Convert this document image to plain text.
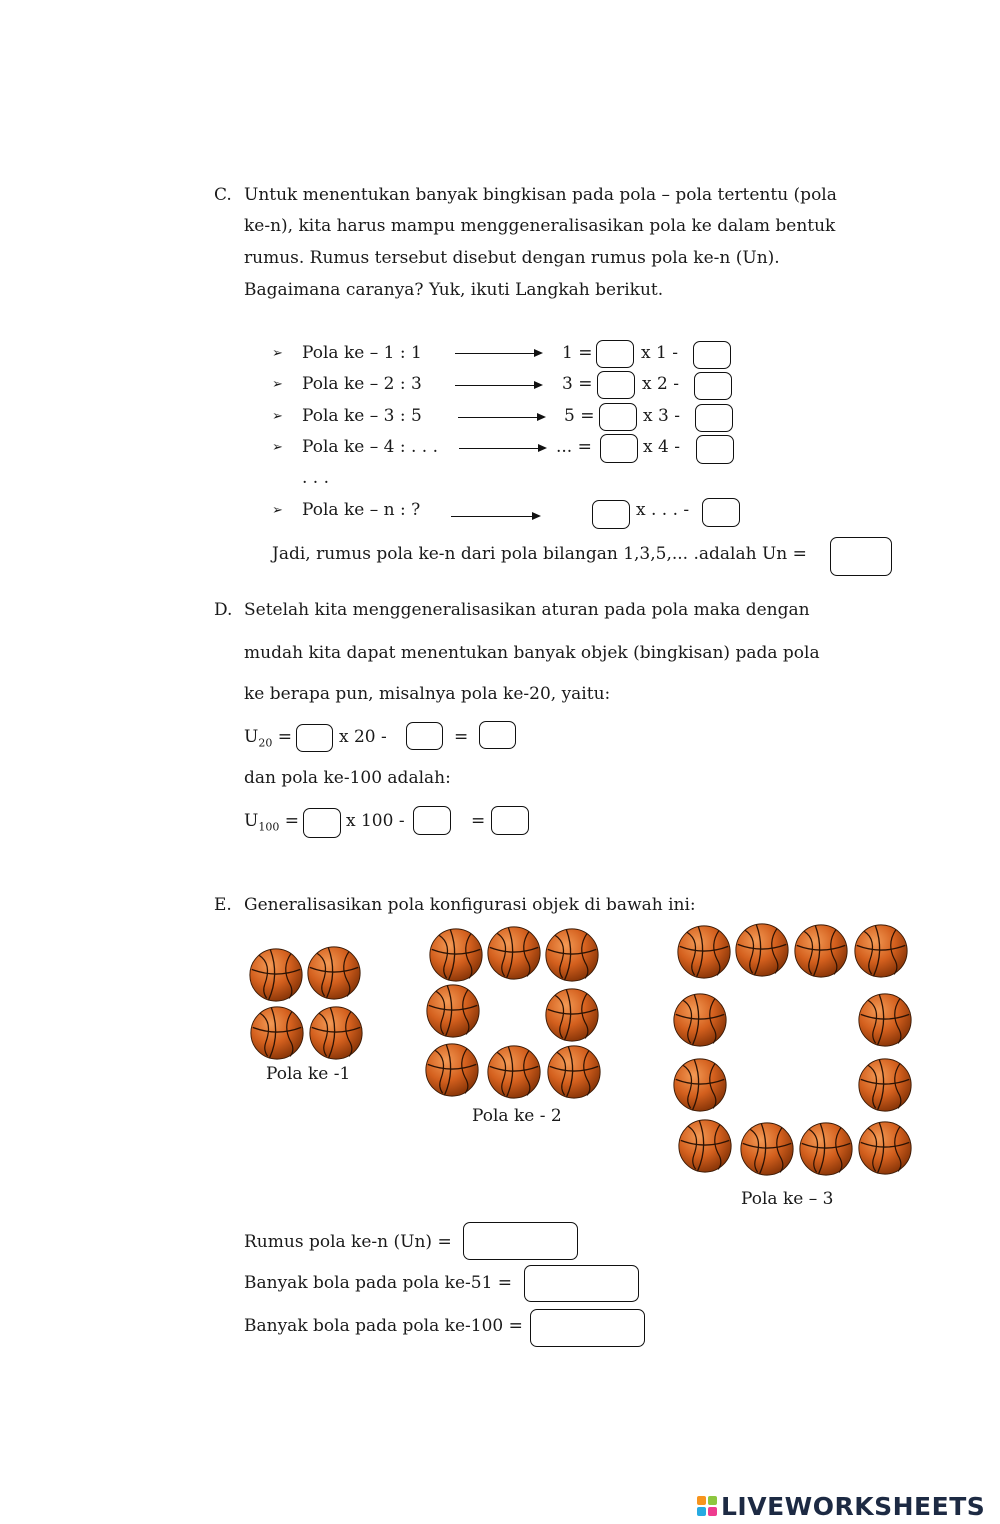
C. Untuk menentukan banyak bingkisan pada pola – pola tertentu (pola
ke-n), kita harus mampu menggeneralisasikan pola ke dalam bentuk
rumus. Rumus tersebut disebut dengan rumus pola ke-n (Un).
Bagaimana caranya? Yuk, ikuti Langkah berikut.
➢ Pola ke – 1 : 1	1 =	x 1 -
➢ Pola ke – 2 : 3	3 =	x 2 -
➢ Pola ke – 3 : 5	5 =	x 3 -
➢ Pola ke – 4 : . . .	... =	x 4 -
. . .
➢ Pola ke – n : ?	x . . . -
Jadi, rumus pola ke-n dari pola bilangan 1,3,5,... .adalah Un =
D. Setelah kita menggeneralisasikan aturan pada pola maka dengan
mudah kita dapat menentukan banyak objek (bingkisan) pada pola
ke berapa pun, misalnya pola ke-20, yaitu:
$U_{20}$ =	x 20 -	=
dan pola ke-100 adalah:
$U_{100}$ =	x 100 -	=
E. Generalisasikan pola konfigurasi objek di bawah ini:
Pola ke -1
Pola ke - 2
Pola ke – 3
Rumus pola ke-n (Un) =
Banyak bola pada pola ke-51 =
Banyak bola pada pola ke-100 =
LIVEWORKSHEETS
